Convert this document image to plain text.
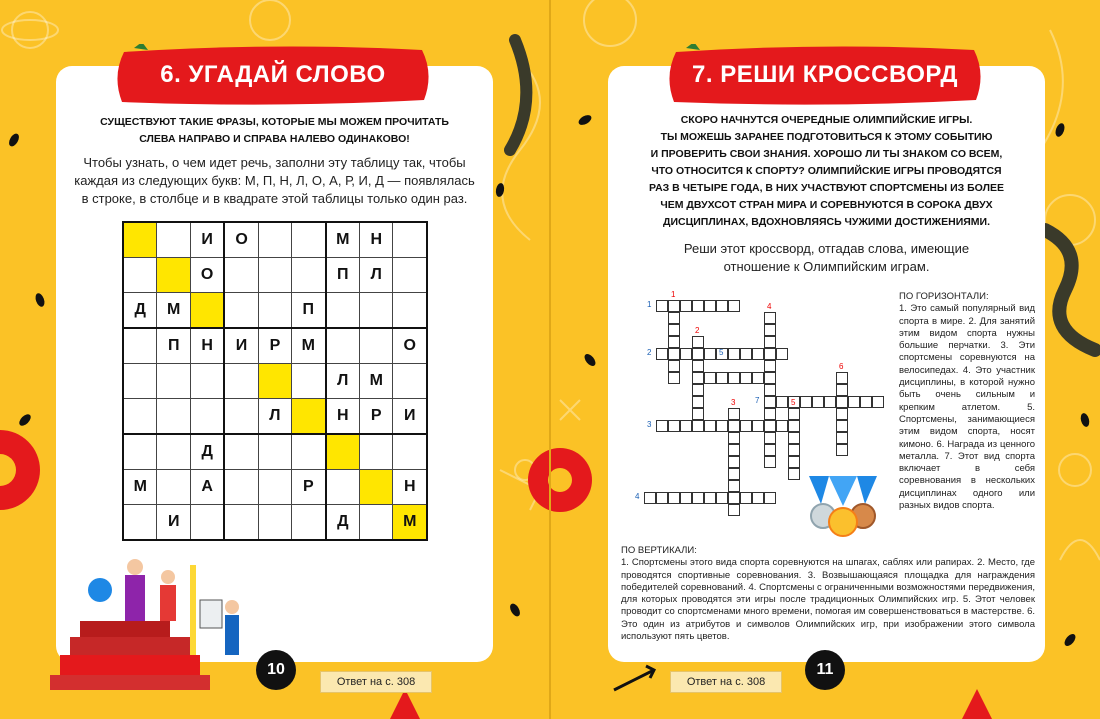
6. УГАДАЙ СЛОВО
СУЩЕСТВУЮТ ТАКИЕ ФРАЗЫ, КОТОРЫЕ МЫ МОЖЕМ ПРОЧИТАТЬ
СЛЕВА НАПРАВО И СПРАВА НАЛЕВО ОДИНАКОВО!
Чтобы узнать, о чем идет речь, заполни эту таблицу так, чтобы
каждая из следующих букв: М, П, Н, Л, О, А, Р, И, Д — появлялась
в строке, в столбце и в квадрате этой таблицы только один раз.
		И	О			М	Н	
		О				П	Л	
Д	М				П			
	П	Н	И	Р	М			О
						Л	М	
				Л		Н	Р	И
		Д						
М		А			Р			Н
	И					Д		М
10
Ответ на с. 308
7. РЕШИ КРОССВОРД
СКОРО НАЧНУТСЯ ОЧЕРЕДНЫЕ ОЛИМПИЙСКИЕ ИГРЫ.
ТЫ МОЖЕШЬ ЗАРАНЕЕ ПОДГОТОВИТЬСЯ К ЭТОМУ СОБЫТИЮ
И ПРОВЕРИТЬ СВОИ ЗНАНИЯ. ХОРОШО ЛИ ТЫ ЗНАКОМ СО ВСЕМ,
ЧТО ОТНОСИТСЯ К СПОРТУ? ОЛИМПИЙСКИЕ ИГРЫ ПРОВОДЯТСЯ
РАЗ В ЧЕТЫРЕ ГОДА, В НИХ УЧАСТВУЮТ СПОРТСМЕНЫ ИЗ БОЛЕЕ
ЧЕМ ДВУХСОТ СТРАН МИРА И СОРЕВНУЮТСЯ В СОРОКА ДВУХ
ДИСЦИПЛИНАХ, ВДОХНОВЛЯЯСЬ ЧУЖИМИ ДОСТИЖЕНИЯМИ.
Реши этот кроссворд, отгадав слова, имеющие
отношение к Олимпийским играм.
1
2
3
4
5
7
1
2
3
4
5
6
ПО ГОРИЗОНТАЛИ:
1. Это самый популярный вид спорта в мире. 2. Для занятий этим видом спорта нужны большие перчатки. 3. Эти спортсмены соревнуются на велосипедах. 4. Это участник дисциплины, в которой нужно быть очень сильным и крепким атлетом. 5. Спортсмены, занимающиеся этим видом спорта, носят кимоно. 6. Награда из ценного металла. 7. Этот вид спорта включает в себя соревнования в нескольких дисциплинах одного или разных видов спорта.
ПО ВЕРТИКАЛИ:
1. Спортсмены этого вида спорта соревнуются на шпагах, саблях или рапирах. 2. Место, где проводятся спортивные соревнования. 3. Возвышающаяся площадка для награждения победителей соревнований. 4. Спортсмены с ограниченными возможностями передвижения, для которых проводятся эти игры после традиционных Олимпийских игр. 5. Этот человек проводит со спортсменами много времени, помогая им совершенствоваться в мастерстве. 6. Это один из атрибутов и символов Олимпийских игр, при изображении этого символа используют пять цветов.
11
Ответ на с. 308
